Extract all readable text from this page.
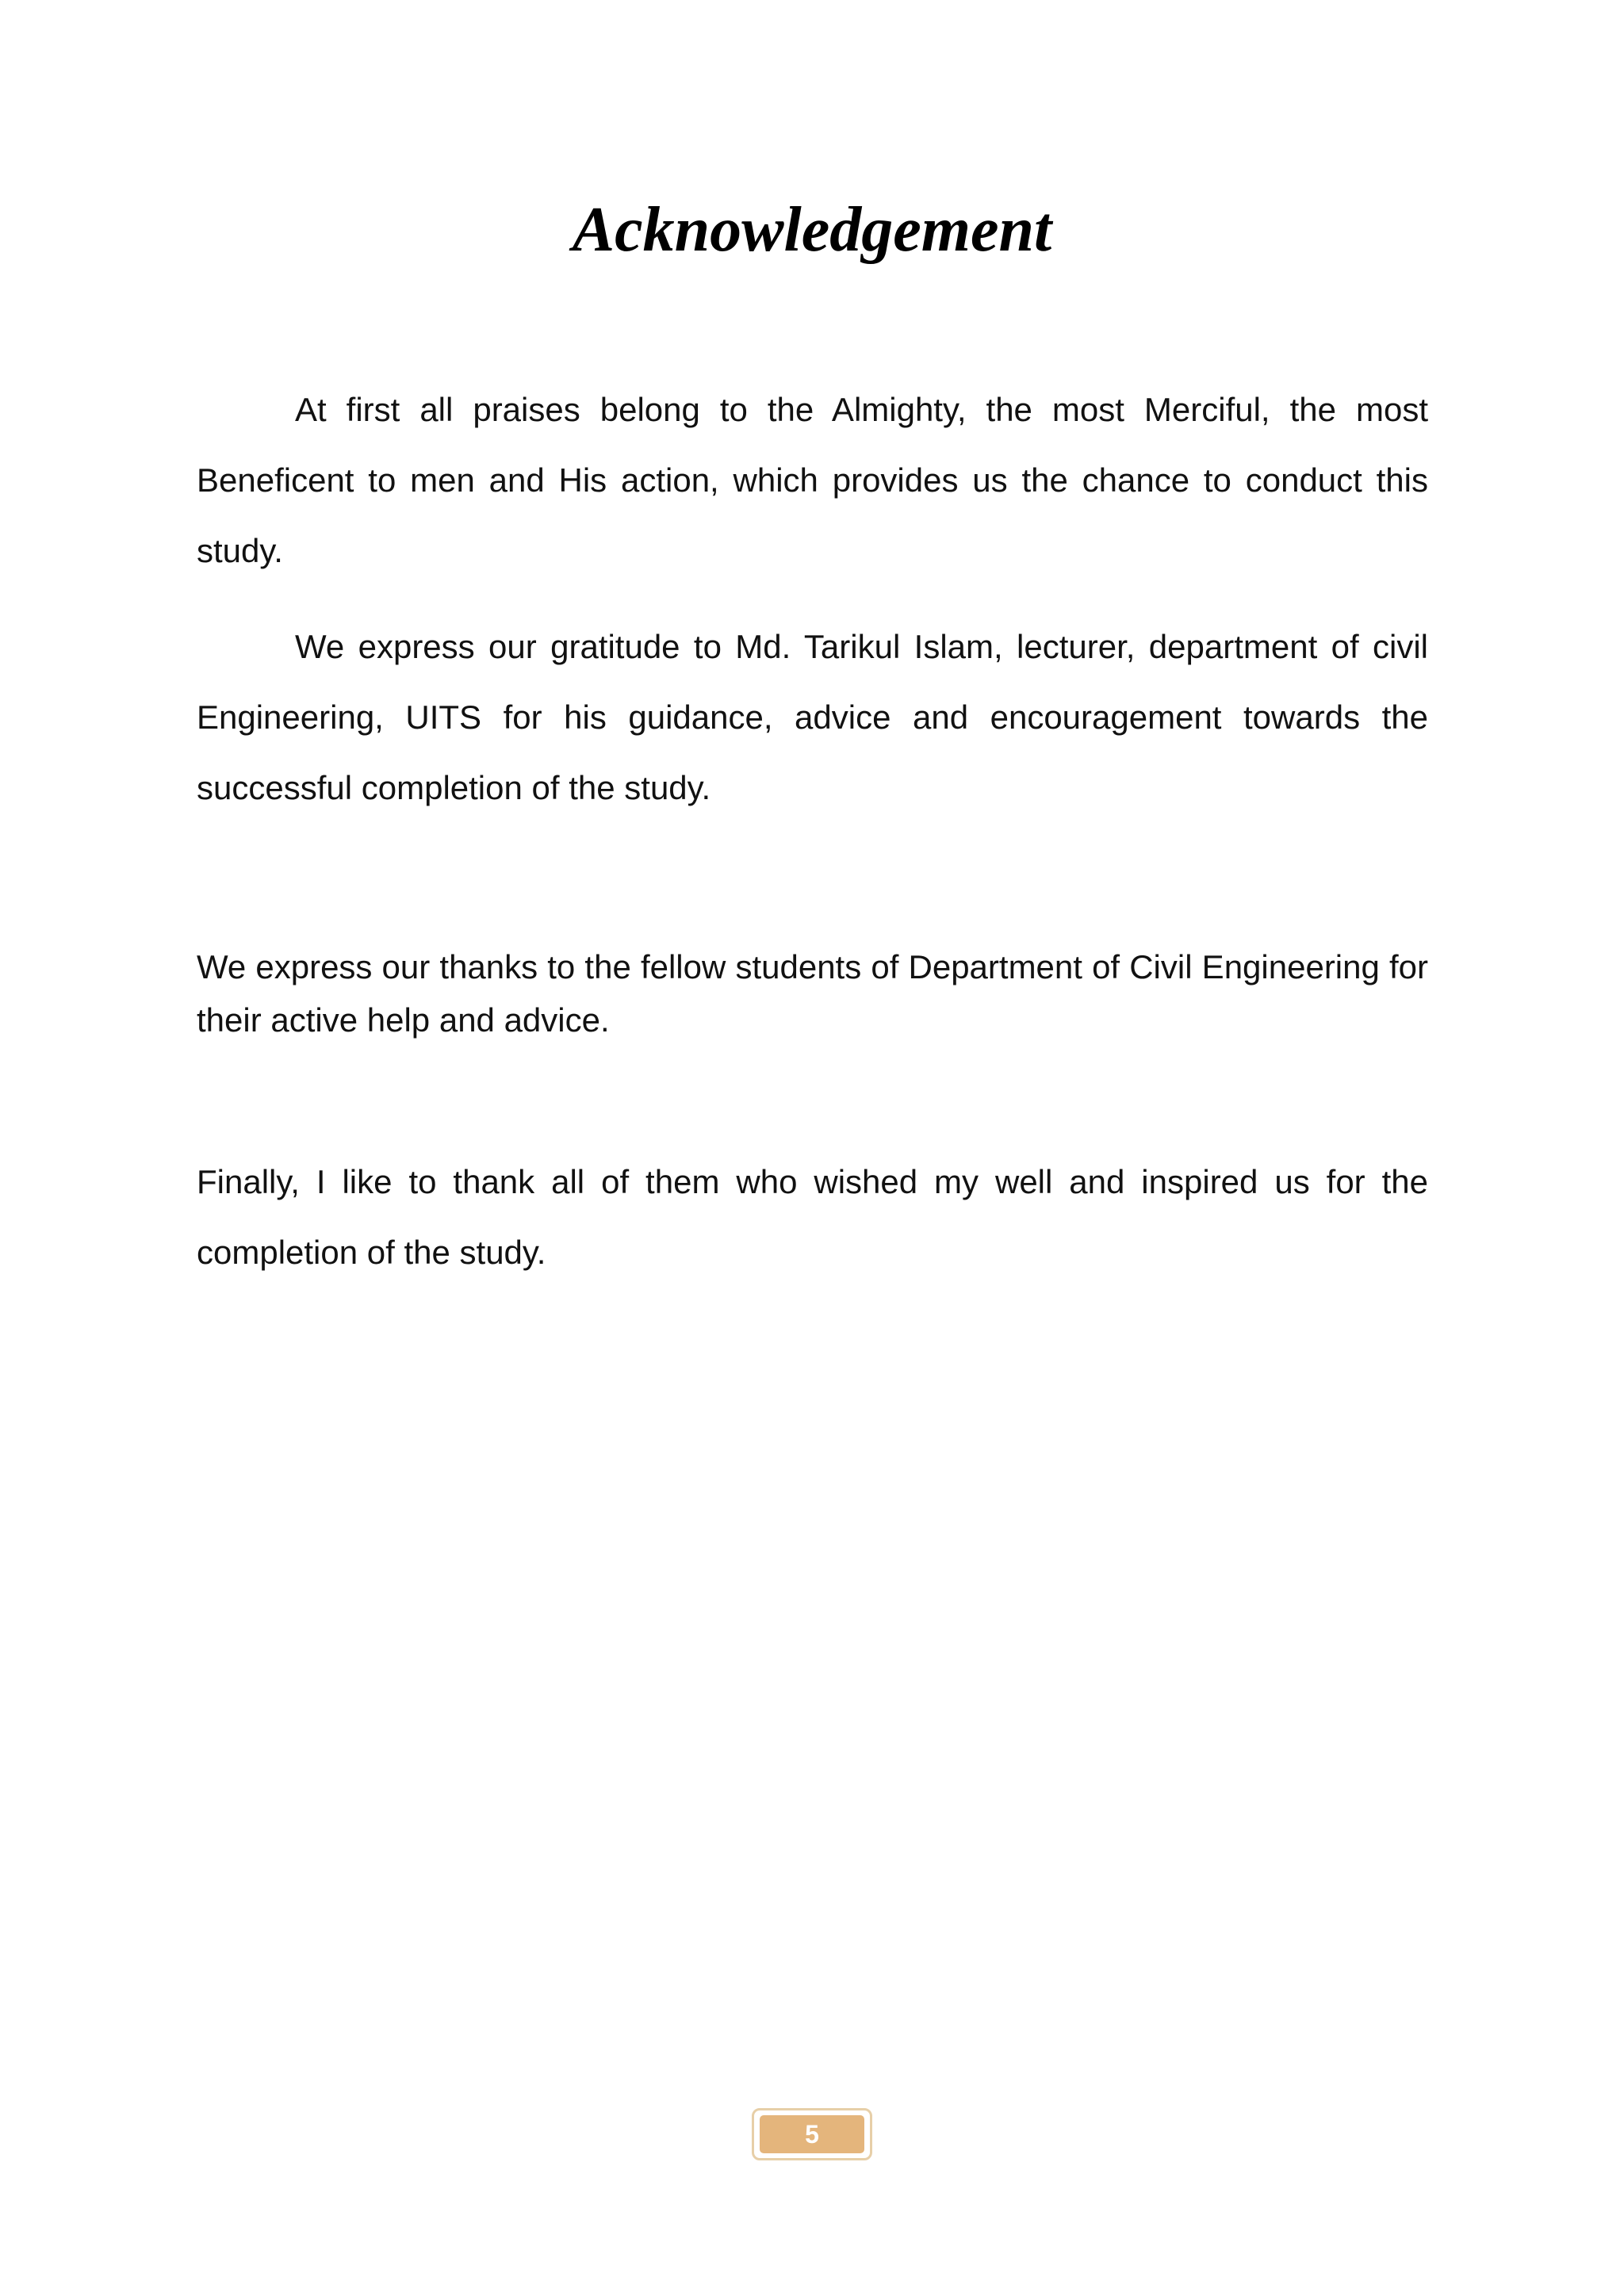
Acknowledgement

At first all praises belong to the Almighty, the most Merciful, the most Beneficent to men and His action, which provides us the chance to conduct this study.

We express our gratitude to Md. Tarikul Islam, lecturer, department of civil Engineering, UITS for his guidance, advice and encouragement towards the successful completion of the study.

We express our thanks to the fellow students of Department of Civil Engineering for their active help and advice.

Finally, I like to thank all of them who wished my well and inspired us for the completion of the study.

5
